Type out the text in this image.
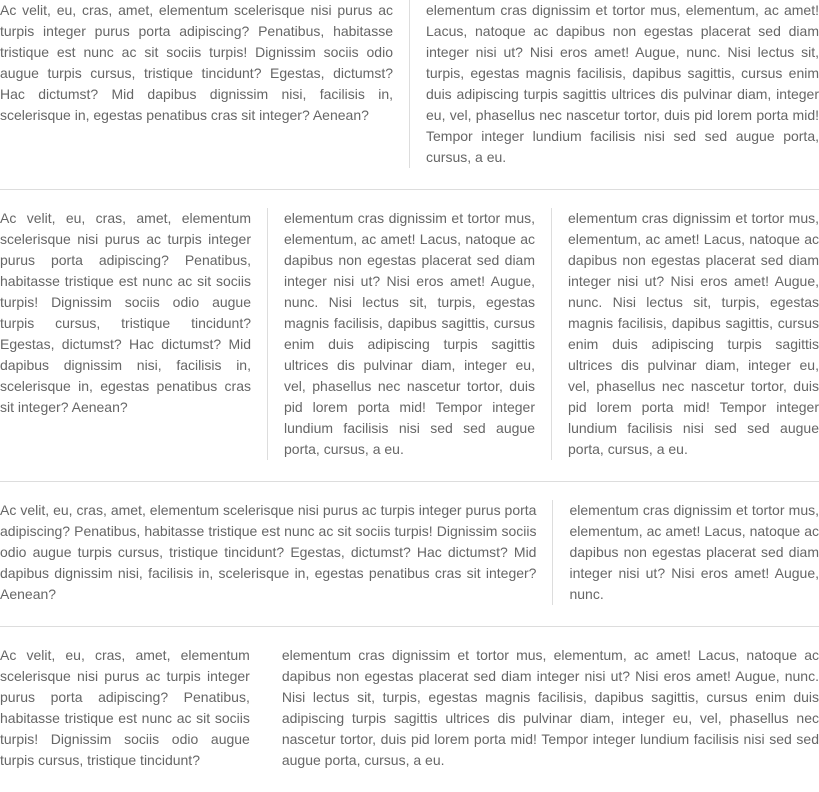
Ac velit, eu, cras, amet, elementum scelerisque nisi purus ac turpis integer purus porta adipiscing? Penatibus, habitasse tristique est nunc ac sit sociis turpis! Dignissim sociis odio augue turpis cursus, tristique tincidunt? Egestas, dictumst? Hac dictumst? Mid dapibus dignissim nisi, facilisis in, scelerisque in, egestas penatibus cras sit integer? Aenean?

elementum cras dignissim et tortor mus, elementum, ac amet! Lacus, natoque ac dapibus non egestas placerat sed diam integer nisi ut? Nisi eros amet! Augue, nunc. Nisi lectus sit, turpis, egestas magnis facilisis, dapibus sagittis, cursus enim duis adipiscing turpis sagittis ultrices dis pulvinar diam, integer eu, vel, phasellus nec nascetur tortor, duis pid lorem porta mid! Tempor integer lundium facilisis nisi sed sed augue porta, cursus, a eu.

Ac velit, eu, cras, amet, elementum scelerisque nisi purus ac turpis integer purus porta adipiscing? Penatibus, habitasse tristique est nunc ac sit sociis turpis! Dignissim sociis odio augue turpis cursus, tristique tincidunt? Egestas, dictumst? Hac dictumst? Mid dapibus dignissim nisi, facilisis in, scelerisque in, egestas penatibus cras sit integer? Aenean?

elementum cras dignissim et tortor mus, elementum, ac amet! Lacus, natoque ac dapibus non egestas placerat sed diam integer nisi ut? Nisi eros amet! Augue, nunc. Nisi lectus sit, turpis, egestas magnis facilisis, dapibus sagittis, cursus enim duis adipiscing turpis sagittis ultrices dis pulvinar diam, integer eu, vel, phasellus nec nascetur tortor, duis pid lorem porta mid! Tempor integer lundium facilisis nisi sed sed augue porta, cursus, a eu.

elementum cras dignissim et tortor mus, elementum, ac amet! Lacus, natoque ac dapibus non egestas placerat sed diam integer nisi ut? Nisi eros amet! Augue, nunc. Nisi lectus sit, turpis, egestas magnis facilisis, dapibus sagittis, cursus enim duis adipiscing turpis sagittis ultrices dis pulvinar diam, integer eu, vel, phasellus nec nascetur tortor, duis pid lorem porta mid! Tempor integer lundium facilisis nisi sed sed augue porta, cursus, a eu.

Ac velit, eu, cras, amet, elementum scelerisque nisi purus ac turpis integer purus porta adipiscing? Penatibus, habitasse tristique est nunc ac sit sociis turpis! Dignissim sociis odio augue turpis cursus, tristique tincidunt? Egestas, dictumst? Hac dictumst? Mid dapibus dignissim nisi, facilisis in, scelerisque in, egestas penatibus cras sit integer? Aenean?

elementum cras dignissim et tortor mus, elementum, ac amet! Lacus, natoque ac dapibus non egestas placerat sed diam integer nisi ut? Nisi eros amet! Augue, nunc.

Ac velit, eu, cras, amet, elementum scelerisque nisi purus ac turpis integer purus porta adipiscing? Penatibus, habitasse tristique est nunc ac sit sociis turpis! Dignissim sociis odio augue turpis cursus, tristique tincidunt?

elementum cras dignissim et tortor mus, elementum, ac amet! Lacus, natoque ac dapibus non egestas placerat sed diam integer nisi ut? Nisi eros amet! Augue, nunc. Nisi lectus sit, turpis, egestas magnis facilisis, dapibus sagittis, cursus enim duis adipiscing turpis sagittis ultrices dis pulvinar diam, integer eu, vel, phasellus nec nascetur tortor, duis pid lorem porta mid! Tempor integer lundium facilisis nisi sed sed augue porta, cursus, a eu.
